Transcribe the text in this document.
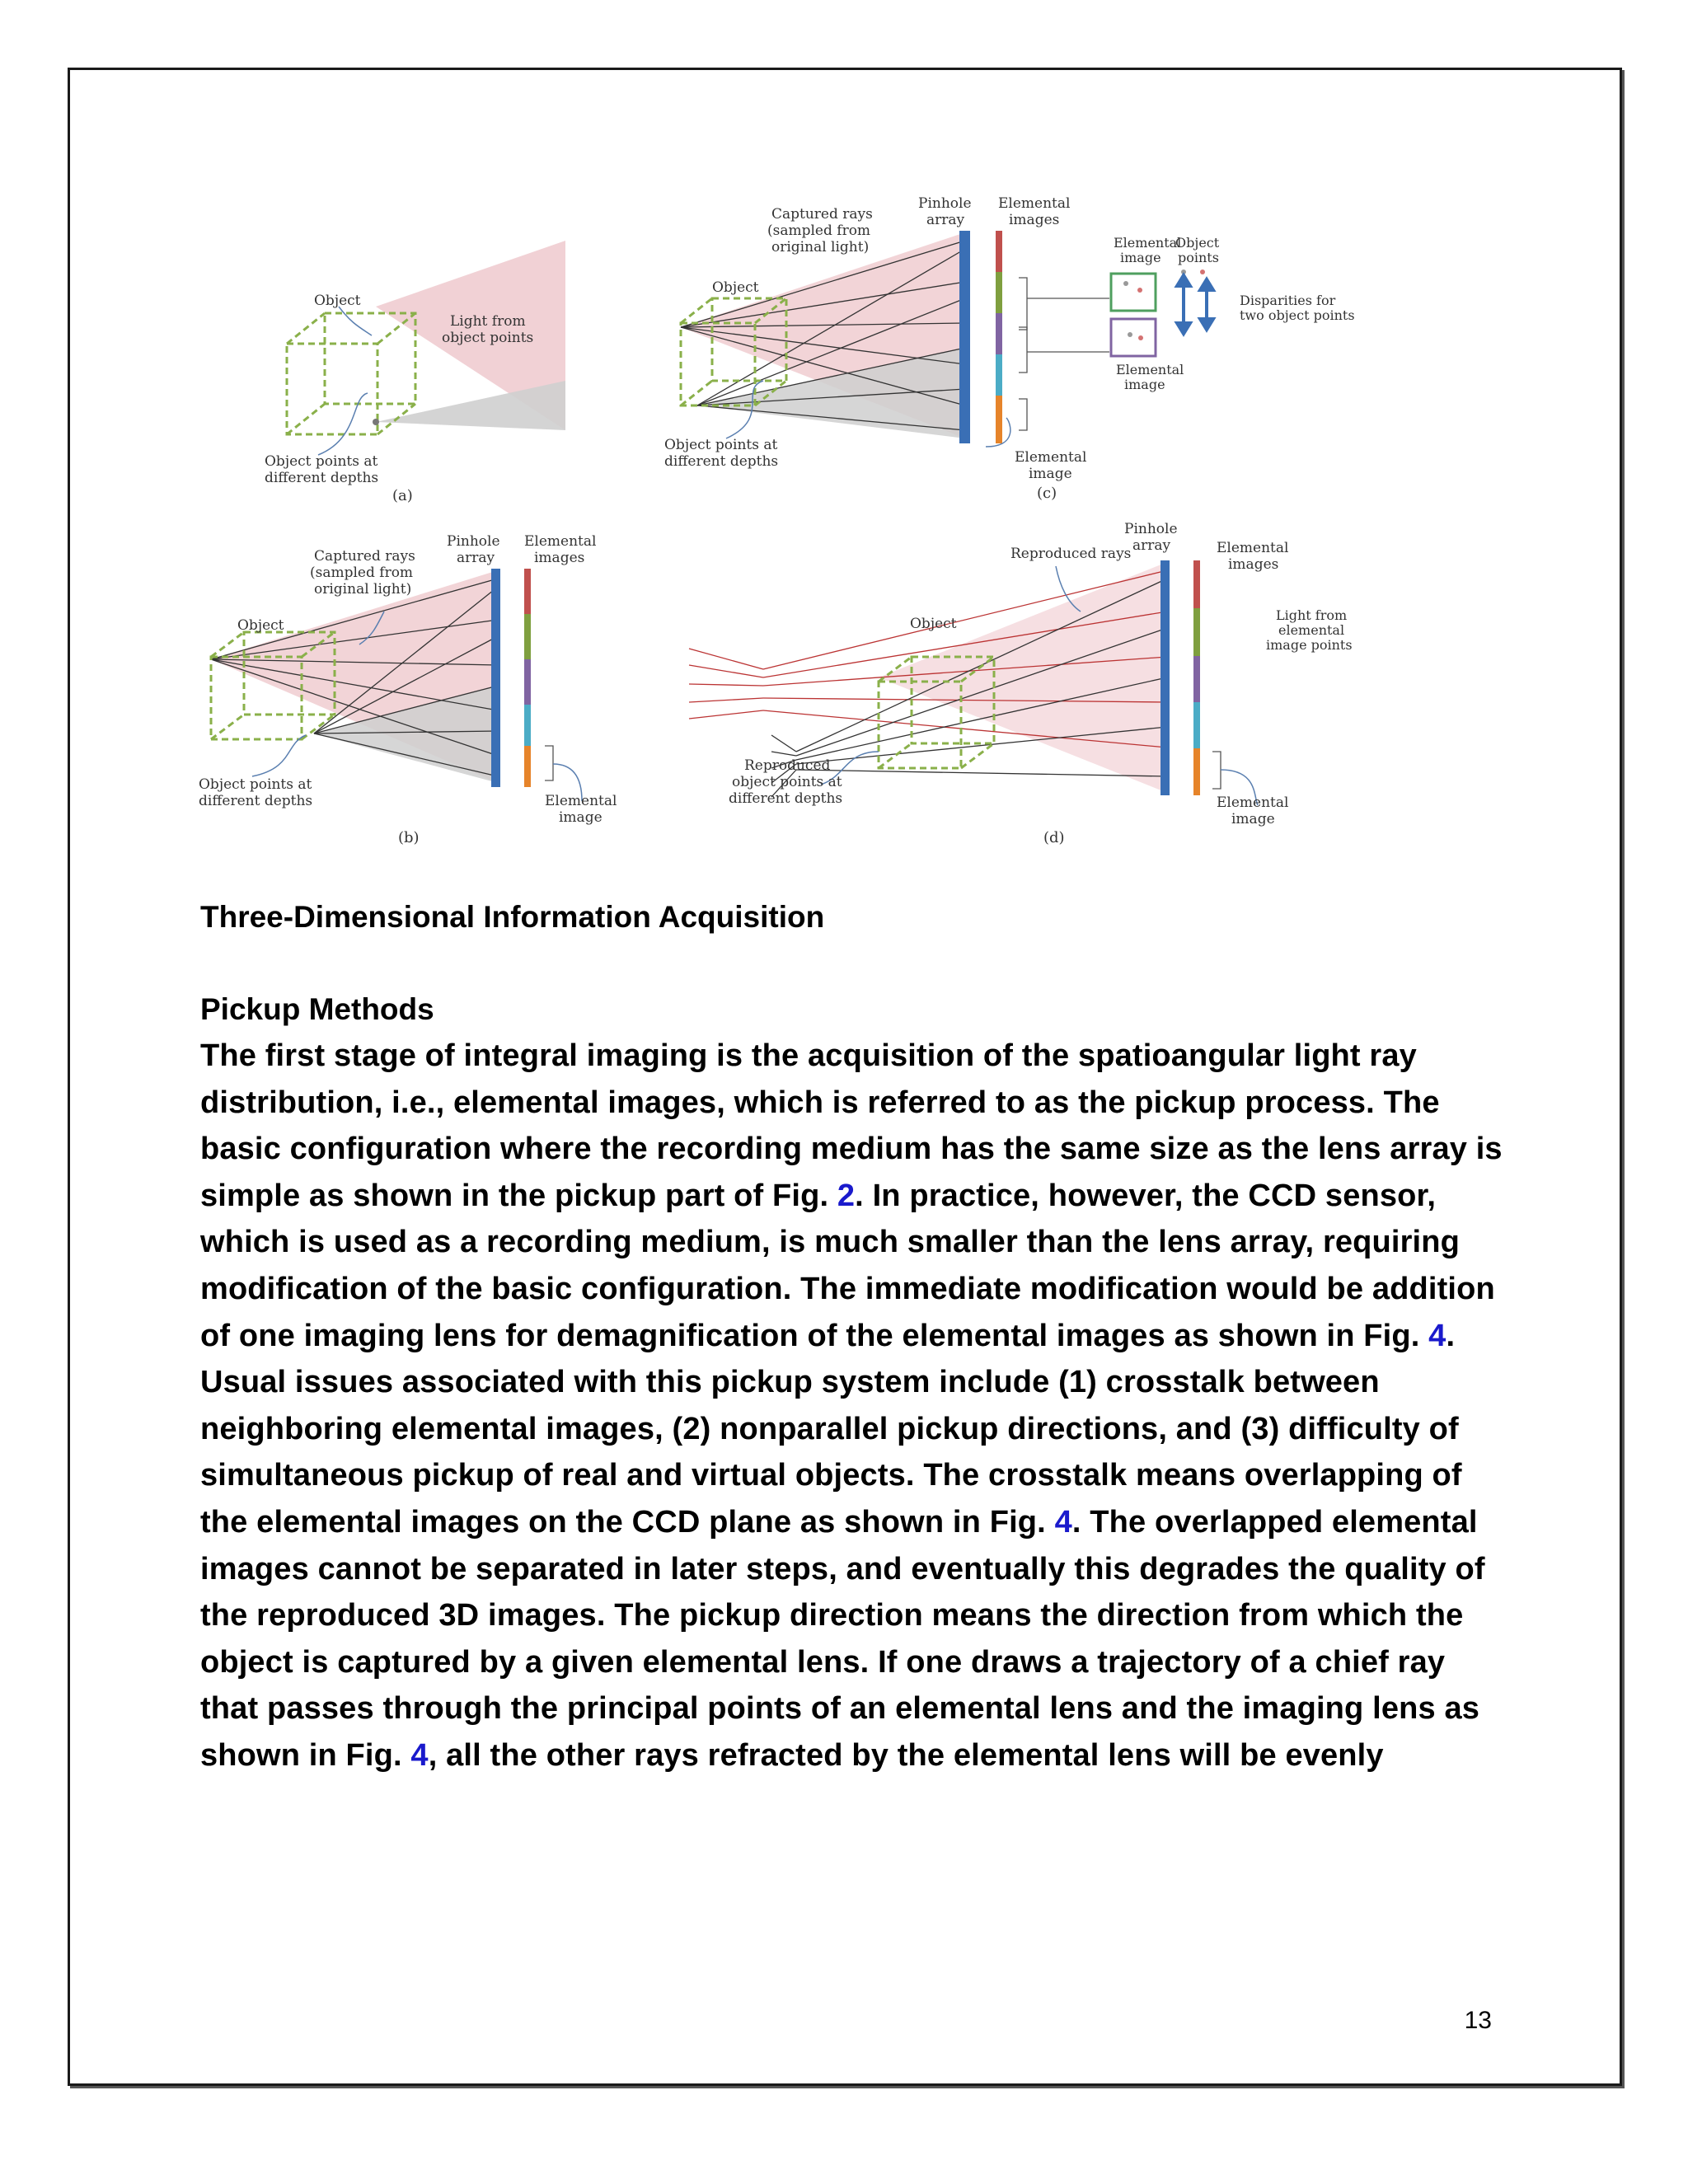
Object
Light from
object points
Object points at
different depths
(a)
Captured rays
(sampled from
original light)
Pinhole
array
Elemental
images
Object
Object points at
different depths	Elemental
image
Elemental
image
Object
points
Elemental
image
Disparities for
two object points
(c)
Captured rays
(sampled from
original light)
Pinhole
array
Elemental
images
Object
Object points at
different depths	Elemental
image
(b)
Reproduced rays
Pinhole
array	Elemental
images
Object
Light from
elemental
image points
Reproduced
object points at
different depths	Elemental
image
(d)

Three-Dimensional Information Acquisition

Pickup Methods

The first stage of integral imaging is the acquisition of the spatioangular light ray distribution, i.e., elemental images, which is referred to as the pickup process. The basic configuration where the recording medium has the same size as the lens array is simple as shown in the pickup part of Fig. 2. In practice, however, the CCD sensor, which is used as a recording medium, is much smaller than the lens array, requiring modification of the basic configuration. The immediate modification would be addition of one imaging lens for demagnification of the elemental images as shown in Fig. 4. Usual issues associated with this pickup system include (1) crosstalk between neighboring elemental images, (2) nonparallel pickup directions, and (3) difficulty of simultaneous pickup of real and virtual objects. The crosstalk means overlapping of the elemental images on the CCD plane as shown in Fig. 4. The overlapped elemental images cannot be separated in later steps, and eventually this degrades the quality of the reproduced 3D images. The pickup direction means the direction from which the object is captured by a given elemental lens. If one draws a trajectory of a chief ray that passes through the principal points of an elemental lens and the imaging lens as shown in Fig. 4, all the other rays refracted by the elemental lens will be evenly

13
